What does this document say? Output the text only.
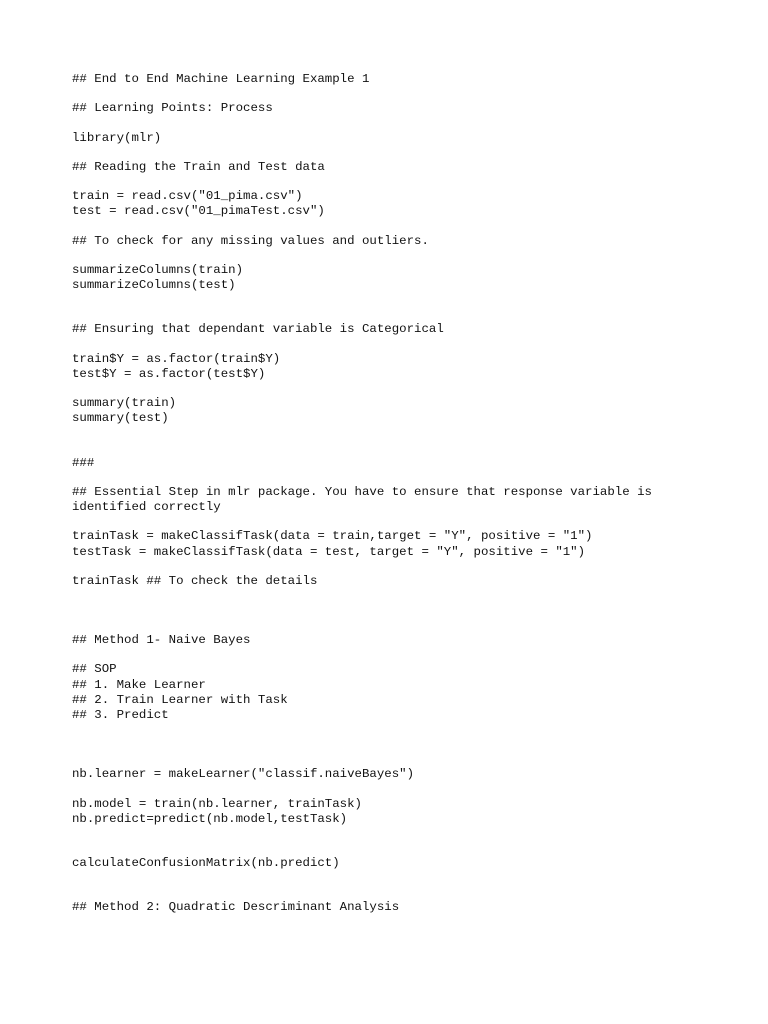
## End to End Machine Learning Example 1
## Learning Points: Process
library(mlr)
## Reading the Train and Test data
train = read.csv("01_pima.csv")
test = read.csv("01_pimaTest.csv")
## To check for any missing values and outliers.
summarizeColumns(train)
summarizeColumns(test)
## Ensuring that dependant variable is Categorical
train$Y = as.factor(train$Y)
test$Y = as.factor(test$Y)
summary(train)
summary(test)
###
## Essential Step in mlr package. You have to ensure that response variable is
identified correctly
trainTask = makeClassifTask(data = train,target = "Y", positive = "1")
testTask = makeClassifTask(data = test, target = "Y", positive = "1")
trainTask ## To check the details
## Method 1- Naive Bayes
## SOP
## 1. Make Learner
## 2. Train Learner with Task
## 3. Predict
nb.learner = makeLearner("classif.naiveBayes")
nb.model = train(nb.learner, trainTask)
nb.predict=predict(nb.model,testTask)
calculateConfusionMatrix(nb.predict)
## Method 2: Quadratic Descriminant Analysis
